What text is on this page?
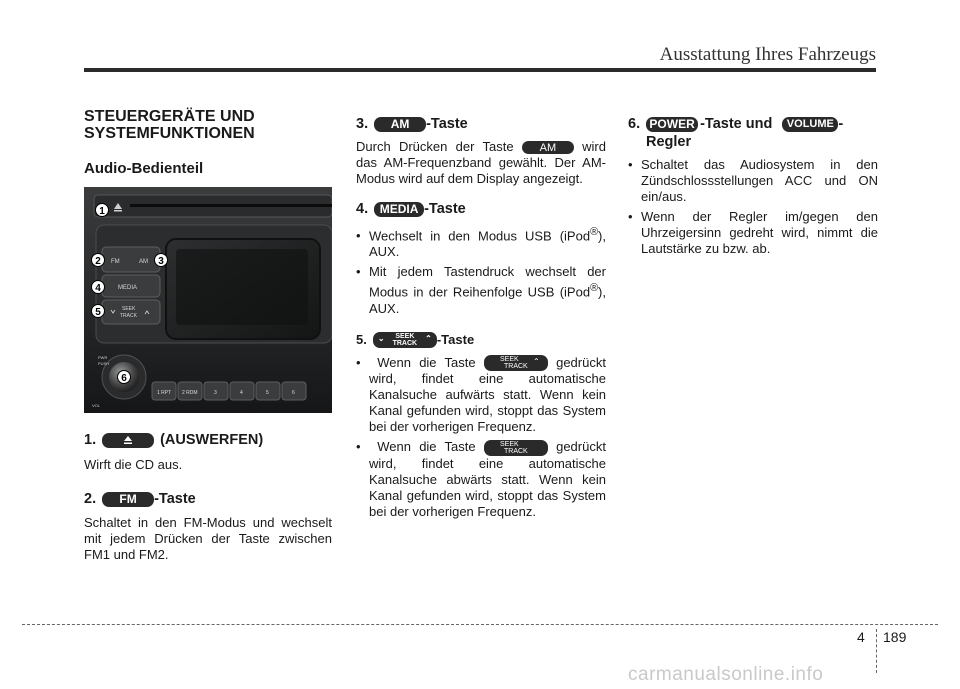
Ausstattung Ihres Fahrzeugs
STEUERGERÄTE UND
SYSTEMFUNKTIONEN
Audio-Bedienteil
FM	AM
MEDIA
SEEK
TRACK
PWR
PUSH
VOL
1 RPT 2 RDM	3	4	5	6
1
2	3
4
5
6
1.	(AUSWERFEN)
Wirft die CD aus.
2.	FM	-Taste
Schaltet in den FM-Modus und wechselt mit jedem Drücken der Taste zwischen FM1 und FM2.
3.	AM	-Taste
Durch Drücken der Taste AM wird das AM-Frequenzband gewählt. Der AM-Modus wird auf dem Display angezeigt.
4. MEDIA -Taste
• Wechselt in den Modus USB (iPod®), AUX.
• Mit jedem Tastendruck wechselt der Modus in der Reihenfolge USB (iPod®), AUX.
5. ⌄	SEEK
TRACK
⌃ -Taste
• Wenn die Taste	SEEK
TRACK
⌃ gedrückt wird, findet eine automatische Kanalsuche aufwärts statt. Wenn kein Kanal gefunden wird, stoppt das System bei der vorherigen Frequenz.
• Wenn die Taste ⌄	SEEK
TRACK gedrückt wird, findet eine automatische Kanalsuche abwärts statt. Wenn kein Kanal gefunden wird, stoppt das System bei der vorherigen Frequenz.
6. POWER -Taste und	VOLUME -
Regler
• Schaltet das Audiosystem in den Zündschlossstellungen ACC und ON ein/aus.
• Wenn der Regler im/gegen den Uhrzeigersinn gedreht wird, nimmt die Lautstärke zu bzw. ab.
4 189
carmanualsonline.info
